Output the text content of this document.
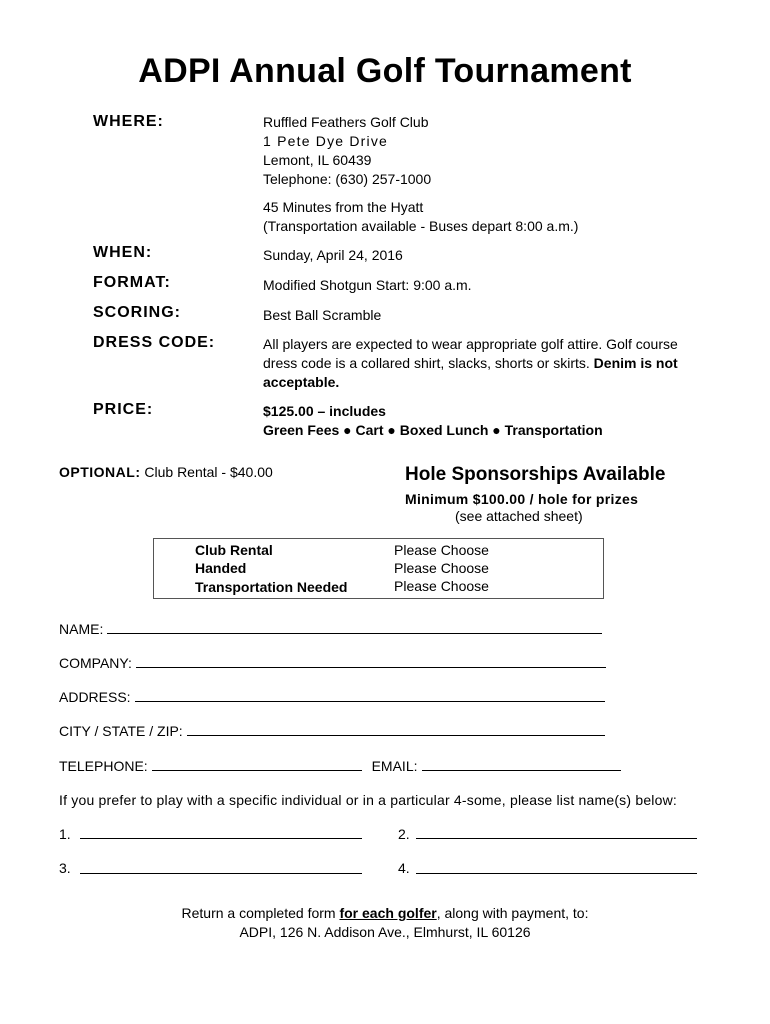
ADPI Annual Golf Tournament
WHERE:	Ruffled Feathers Golf Club
1 Pete Dye Drive
Lemont, IL 60439
Telephone: (630) 257-1000
45 Minutes from the Hyatt
(Transportation available - Buses depart 8:00 a.m.)
WHEN:	Sunday, April 24, 2016
FORMAT:	Modified Shotgun Start: 9:00 a.m.
SCORING:	Best Ball Scramble
DRESS CODE:	All players are expected to wear appropriate golf attire. Golf course
dress code is a collared shirt, slacks, shorts or skirts. Denim is not
acceptable.
PRICE:	$125.00 – includes
Green Fees ● Cart ● Boxed Lunch ● Transportation
OPTIONAL: Club Rental - $40.00	Hole Sponsorships Available
Minimum $100.00 / hole for prizes
(see attached sheet)
Club Rental	Please Choose
Handed	Please Choose
Transportation Needed	Please Choose
NAME:
COMPANY:
ADDRESS:
CITY / STATE / ZIP:
TELEPHONE:	EMAIL:
If you prefer to play with a specific individual or in a particular 4-some, please list name(s) below:
1.	2.
3.	4.
Return a completed form for each golfer, along with payment, to:
ADPI, 126 N. Addison Ave., Elmhurst, IL 60126
